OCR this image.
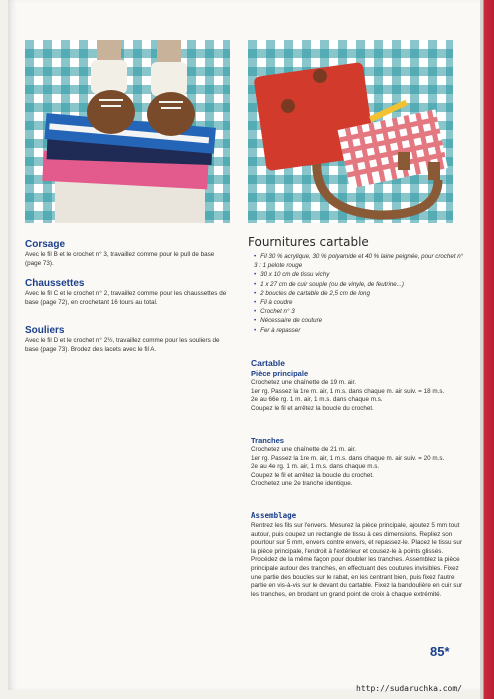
Corsage
Avec le fil B et le crochet n° 3, travaillez comme pour le pull de base (page 73).
Chaussettes
Avec le fil C et le crochet n° 2, travaillez comme pour les chaussettes de base (page 72), en crochetant 16 tours au total.
Souliers
Avec le fil D et le crochet n° 2½, travaillez comme pour les souliers de base (page 73). Brodez des lacets avec le fil A.
Fournitures cartable
• Fil 30 % acrylique, 30 % polyamide et 40 % laine peignée, pour crochet n° 3 : 1 pelote rouge
• 30 x 10 cm de tissu vichy
• 1 x 27 cm de cuir souple (ou de vinyle, de feutrine...)
• 2 boucles de cartable de 2,5 cm de long
• Fil à coudre
• Crochet n° 3
• Nécessaire de couture
• Fer à repasser
Cartable
Pièce principale

Crochetez une chaînette de 19 m. air.

1er rg. Passez la 1re m. air, 1 m.s. dans chaque m. air suiv. = 18 m.s.

2e au 66e rg. 1 m. air, 1 m.s. dans chaque m.s.

Coupez le fil et arrêtez la boucle du crochet.

Tranches

Crochetez une chaînette de 21 m. air.

1er rg. Passez la 1re m. air, 1 m.s. dans chaque m. air suiv. = 20 m.s.

2e au 4e rg. 1 m. air, 1 m.s. dans chaque m.s.

Coupez le fil et arrêtez la boucle du crochet.

Crochetez une 2e tranche identique.

Assemblage
Rentrez les fils sur l'envers. Mesurez la pièce principale, ajoutez 5 mm tout autour, puis coupez un rectangle de tissu à ces dimensions. Repliez son pourtour sur 5 mm, envers contre envers, et repassez-le. Placez le tissu sur la pièce principale, l'endroit à l'extérieur et cousez-le à points glissés. Procédez de la même façon pour doubler les tranches. Assemblez la pièce principale autour des tranches, en effectuant des coutures invisibles. Fixez une partie des boucles sur le rabat, en les centrant bien, puis fixez l'autre partie en vis-à-vis sur le devant du cartable. Fixez la bandoulière en cuir sur les tranches, en brodant un grand point de croix à chaque extrémité.
85*
http://sudaruchka.com/
